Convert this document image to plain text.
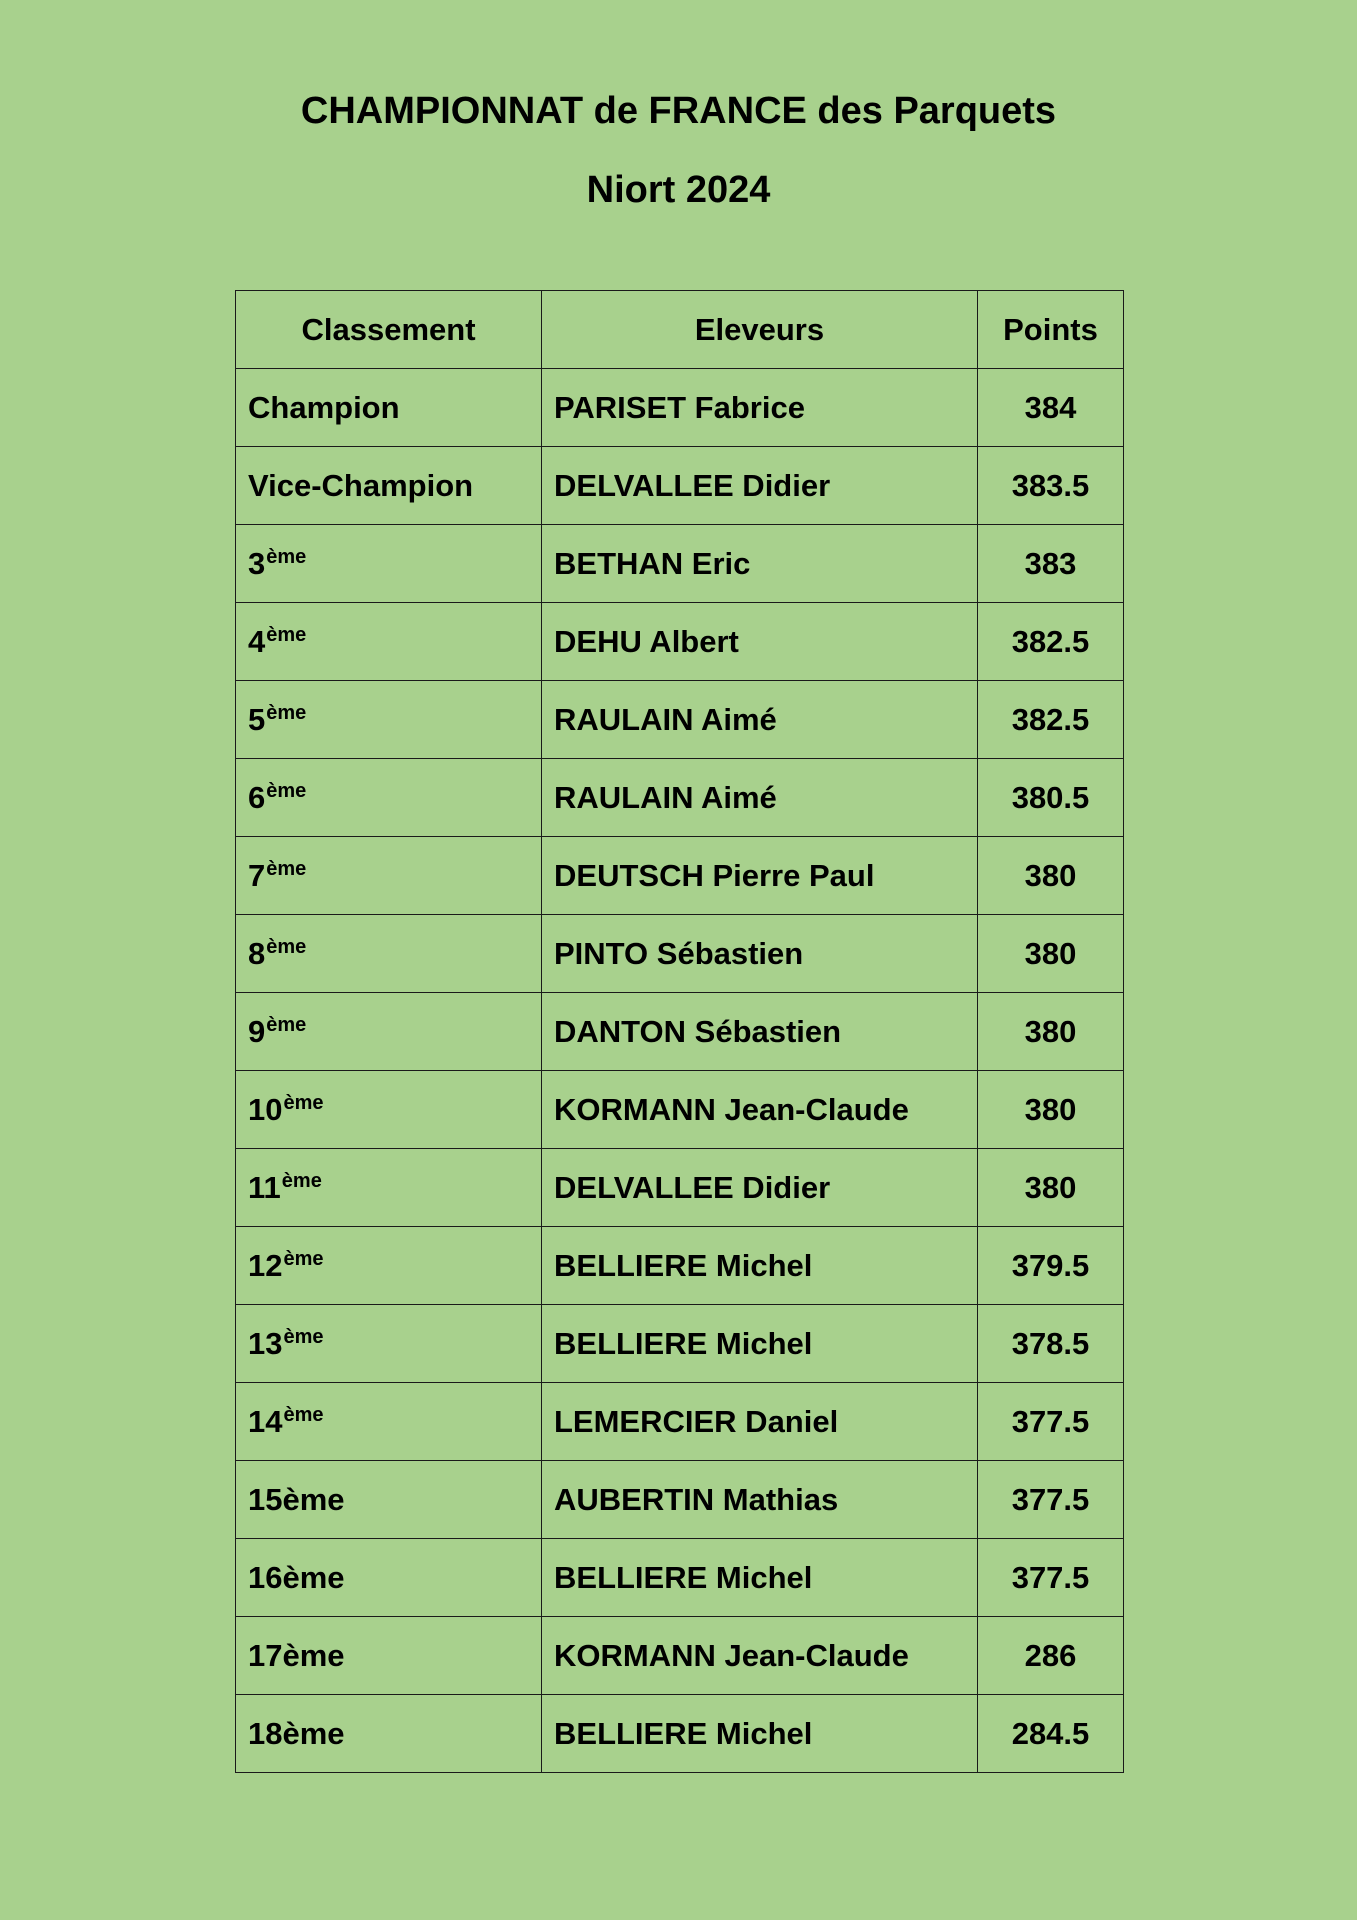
CHAMPIONNAT de FRANCE des Parquets
Niort 2024
Classement	Eleveurs	Points
Champion	PARISET Fabrice	384
Vice-Champion	DELVALLEE Didier	383.5
3ème	BETHAN Eric	383
4ème	DEHU Albert	382.5
5ème	RAULAIN Aimé	382.5
6ème	RAULAIN Aimé	380.5
7ème	DEUTSCH Pierre Paul	380
8ème	PINTO Sébastien	380
9ème	DANTON Sébastien	380
10ème	KORMANN Jean-Claude	380
11ème	DELVALLEE Didier	380
12ème	BELLIERE Michel	379.5
13ème	BELLIERE Michel	378.5
14ème	LEMERCIER Daniel	377.5
15ème	AUBERTIN Mathias	377.5
16ème	BELLIERE Michel	377.5
17ème	KORMANN Jean-Claude	286
18ème	BELLIERE Michel	284.5
